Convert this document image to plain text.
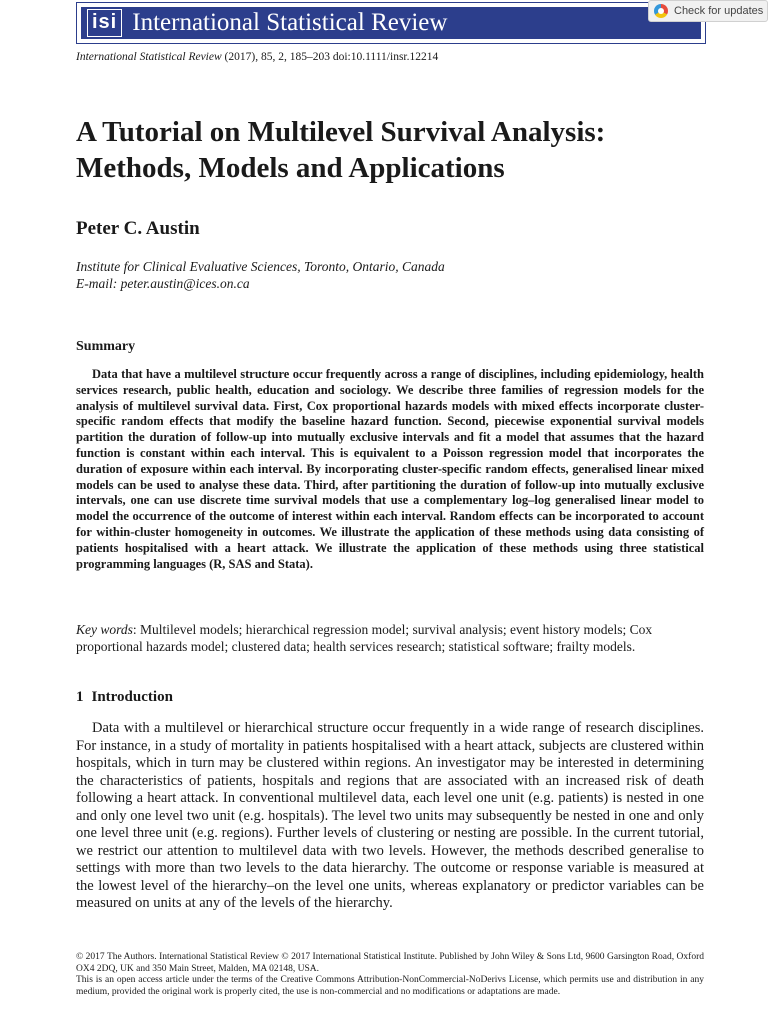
isi International Statistical Review	Check for updates
International Statistical Review (2017), 85, 2, 185–203 doi:10.1111/insr.12214
A Tutorial on Multilevel Survival Analysis: Methods, Models and Applications
Peter C. Austin
Institute for Clinical Evaluative Sciences, Toronto, Ontario, Canada
E-mail: peter.austin@ices.on.ca
Summary

Data that have a multilevel structure occur frequently across a range of disciplines, including epidemiology, health services research, public health, education and sociology. We describe three families of regression models for the analysis of multilevel survival data. First, Cox proportional hazards models with mixed effects incorporate cluster-specific random effects that modify the baseline hazard function. Second, piecewise exponential survival models partition the duration of follow-up into mutually exclusive intervals and fit a model that assumes that the hazard function is constant within each interval. This is equivalent to a Poisson regression model that incorporates the duration of exposure within each interval. By incorporating cluster-specific random effects, generalised linear mixed models can be used to analyse these data. Third, after partitioning the duration of follow-up into mutually exclusive intervals, one can use discrete time survival models that use a complementary log–log generalised linear model to model the occurrence of the outcome of interest within each interval. Random effects can be incorporated to account for within-cluster homogeneity in outcomes. We illustrate the application of these methods using data consisting of patients hospitalised with a heart attack. We illustrate the application of these methods using three statistical programming languages (R, SAS and Stata).

Key words: Multilevel models; hierarchical regression model; survival analysis; event history models; Cox proportional hazards model; clustered data; health services research; statistical software; frailty models.

1 Introduction

Data with a multilevel or hierarchical structure occur frequently in a wide range of research disciplines. For instance, in a study of mortality in patients hospitalised with a heart attack, subjects are clustered within hospitals, which in turn may be clustered within regions. An investigator may be interested in determining the characteristics of patients, hospitals and regions that are associated with an increased risk of death following a heart attack. In conventional multilevel data, each level one unit (e.g. patients) is nested in one and only one level two unit (e.g. hospitals). The level two units may subsequently be nested in one and only one level three unit (e.g. regions). Further levels of clustering or nesting are possible. In the current tutorial, we restrict our attention to multilevel data with two levels. However, the methods described generalise to settings with more than two levels to the data hierarchy. The outcome or response variable is measured at the lowest level of the hierarchy–on the level one units, whereas explanatory or predictor variables can be measured on units at any of the levels of the hierarchy.

© 2017 The Authors. International Statistical Review © 2017 International Statistical Institute. Published by John Wiley & Sons Ltd, 9600 Garsington Road, Oxford OX4 2DQ, UK and 350 Main Street, Malden, MA 02148, USA.

This is an open access article under the terms of the Creative Commons Attribution-NonCommercial-NoDerivs License, which permits use and distribution in any medium, provided the original work is properly cited, the use is non-commercial and no modifications or adaptations are made.
